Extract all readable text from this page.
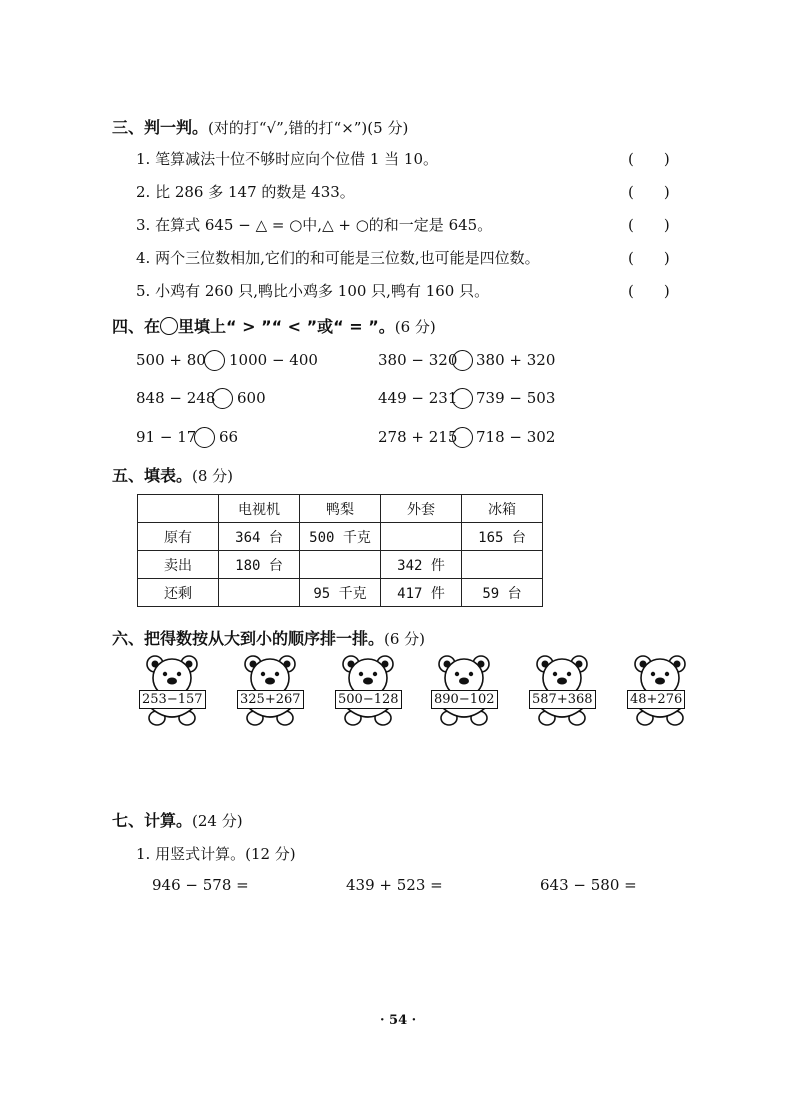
三、判一判。(对的打“√”,错的打“×”)(5 分)
1. 笔算减法十位不够时应向个位借 1 当 10。	(　　)
2. 比 286 多 147 的数是 433。	(　　)
3. 在算式 645 − △ = ○中,△ + ○的和一定是 645。	(　　)
4. 两个三位数相加,它们的和可能是三位数,也可能是四位数。	(　　)
5. 小鸡有 260 只,鸭比小鸡多 100 只,鸭有 160 只。	(　　)
四、在 里填上“ > ”“ < ”或“ = ”。(6 分)
500 + 80 1000 − 400	380 − 320 380 + 320
848 − 248 600	449 − 231 739 − 503
91 − 17 66	278 + 215 718 − 302
五、填表。(8 分)
	电视机	鸭梨	外套	冰箱
原有	364 台	500 千克		165 台
卖出	180 台		342 件	
还剩		95 千克	417 件	59 台
六、把得数按从大到小的顺序排一排。(6 分)
253−157	325+267	500−128	890−102	587+368	48+276
七、计算。(24 分)
1. 用竖式计算。(12 分)
946 − 578 =	439 + 523 =	643 − 580 =
· 54 ·
